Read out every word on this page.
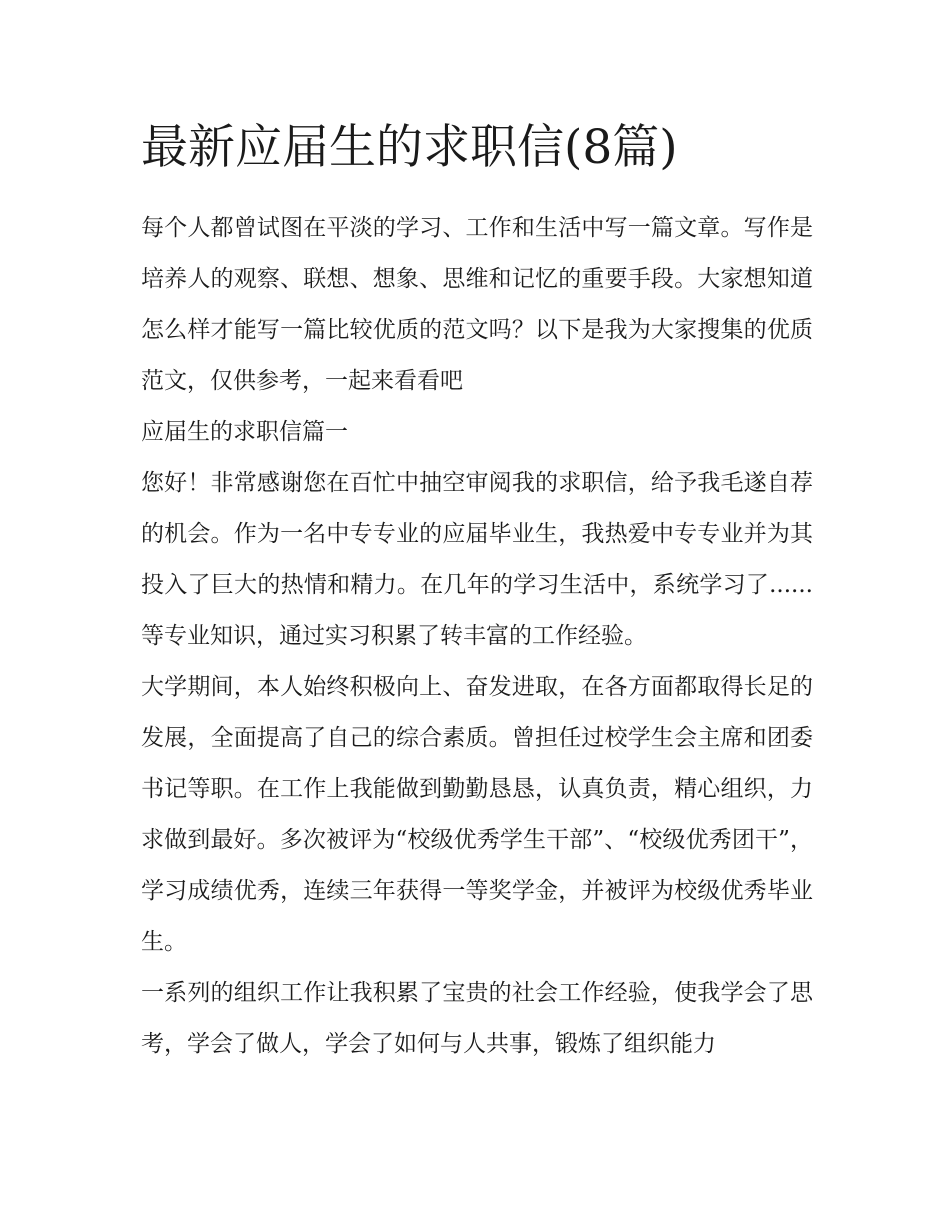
最新应届生的求职信(8篇)

每个人都曾试图在平淡的学习、工作和生活中写一篇文章。写作是培养人的观察、联想、想象、思维和记忆的重要手段。大家想知道怎么样才能写一篇比较优质的范文吗？以下是我为大家搜集的优质范文，仅供参考，一起来看看吧

应届生的求职信篇一

您好！非常感谢您在百忙中抽空审阅我的求职信，给予我毛遂自荐的机会。作为一名中专专业的应届毕业生，我热爱中专专业并为其投入了巨大的热情和精力。在几年的学习生活中，系统学习了......等专业知识，通过实习积累了转丰富的工作经验。

大学期间，本人始终积极向上、奋发进取，在各方面都取得长足的发展，全面提高了自己的综合素质。曾担任过校学生会主席和团委书记等职。在工作上我能做到勤勤恳恳，认真负责，精心组织，力求做到最好。多次被评为“校级优秀学生干部”、“校级优秀团干”，学习成绩优秀，连续三年获得一等奖学金，并被评为校级优秀毕业生。

一系列的组织工作让我积累了宝贵的社会工作经验，使我学会了思考，学会了做人，学会了如何与人共事，锻炼了组织能力
